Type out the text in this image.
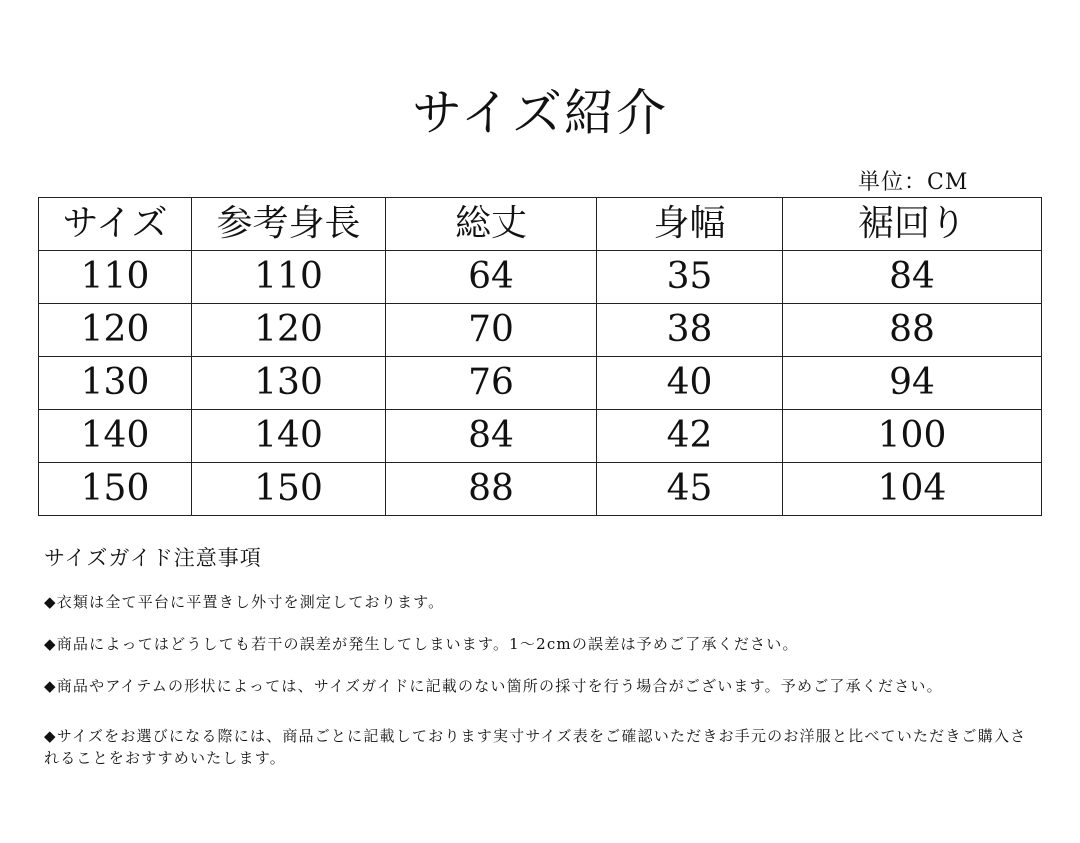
サイズ紹介
単位：CM
サイズ	参考身長	総丈	身幅	裾回り
110	110	64	35	84
120	120	70	38	88
130	130	76	40	94
140	140	84	42	100
150	150	88	45	104
サイズガイド注意事項

◆衣類は全て平台に平置きし外寸を測定しております。

◆商品によってはどうしても若干の誤差が発生してしまいます。1～2cmの誤差は予めご了承ください。

◆商品やアイテムの形状によっては、サイズガイドに記載のない箇所の採寸を行う場合がございます。予めご了承ください。

◆サイズをお選びになる際には、商品ごとに記載しております実寸サイズ表をご確認いただきお手元のお洋服と比べていただきご購入されることをおすすめいたします。
